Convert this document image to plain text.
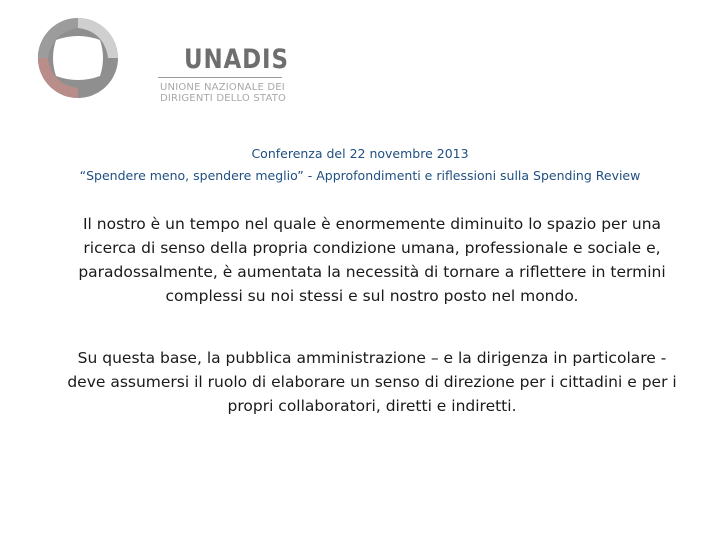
UNADIS
UNIONE NAZIONALE DEI
DIRIGENTI DELLO STATO
Conferenza del 22 novembre 2013
“Spendere meno, spendere meglio” - Approfondimenti e riflessioni sulla Spending Review
Il nostro è un tempo nel quale è enormemente diminuito lo spazio per una ricerca di senso della propria condizione umana, professionale e sociale e, paradossalmente, è aumentata la necessità di tornare a riflettere in termini complessi su noi stessi e sul nostro posto nel mondo.
Su questa base, la pubblica amministrazione – e la dirigenza in particolare - deve assumersi il ruolo di elaborare un senso di direzione per i cittadini e per i propri collaboratori, diretti e indiretti.
